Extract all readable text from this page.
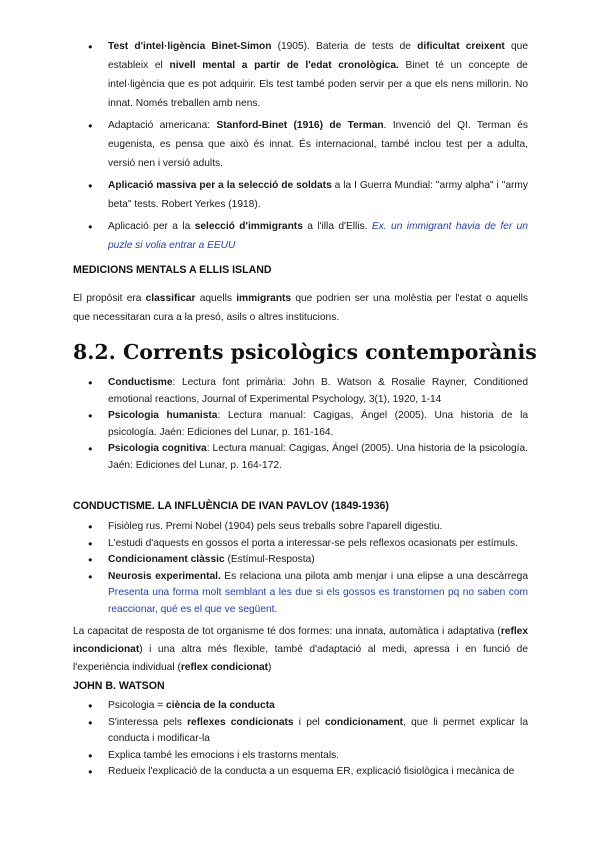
● Test d'intel·ligència Binet-Simon (1905). Bateria de tests de dificultat creixent que estableix el nivell mental a partir de l'edat cronològica. Binet té un concepte de intel·ligència que es pot adquirir. Els test també poden servir per a que els nens millorin. No innat. Només treballen amb nens.
● Adaptació americana: Stanford-Binet (1916) de Terman. Invenció del QI. Terman és eugenista, es pensa que això és innat. És internacional, també inclou test per a adulta, versió nen i versió adults.
● Aplicació massiva per a la selecció de soldats a la I Guerra Mundial: "army alpha" i "army beta" tests. Robert Yerkes (1918).
● Aplicació per a la selecció d'immigrants a l'illa d'Ellis. Ex. un immigrant havia de fer un puzle si volia entrar a EEUU
MEDICIONS MENTALS A ELLIS ISLAND

El propòsit era classificar aquells immigrants que podrien ser una molèstia per l'estat o aquells que necessitaran cura a la presó, asils o altres institucions.

8.2. Corrents psicològics contemporànis
● Conductisme: Lectura font primària: John B. Watson & Rosalie Rayner, Conditioned emotional reactions, Journal of Experimental Psychology, 3(1), 1920, 1-14
● Psicologia humanista: Lectura manual: Cagigas, Ángel (2005). Una historia de la psicología. Jaén: Ediciones del Lunar, p. 161-164.
● Psicologia cognitiva: Lectura manual: Cagigas, Ángel (2005). Una historia de la psicología. Jaén: Ediciones del Lunar, p. 164-172.
CONDUCTISME. LA INFLUÈNCIA DE IVAN PAVLOV (1849-1936)
● Fisiòleg rus. Premi Nobel (1904) pels seus treballs sobre l'aparell digestiu.
● L'estudi d'aquests en gossos el porta a interessar-se pels reflexos ocasionats per estímuls.
● Condicionament clàssic (Estímul-Resposta)
● Neurosis experimental. Es relaciona una pilota amb menjar i una elipse a una descàrrega Presenta una forma molt semblant a les due si els gossos es transtornen pq no saben com reaccionar, qué es el que ve següent.

La capacitat de resposta de tot organisme té dos formes: una innata, automàtica i adaptativa (reflex incondicionat) i una altra més flexible, també d'adaptació al medi, apressa i en funció de l'experiència individual (reflex condicionat)

JOHN B. WATSON
● Psicologia = ciència de la conducta
● S'interessa pels reflexes condicionats i pel condicionament, que li permet explicar la conducta i modificar-la
● Explica també les emocions i els trastorns mentals.
● Redueix l'explicació de la conducta a un esquema ER, explicació fisiològica i mecànica de
